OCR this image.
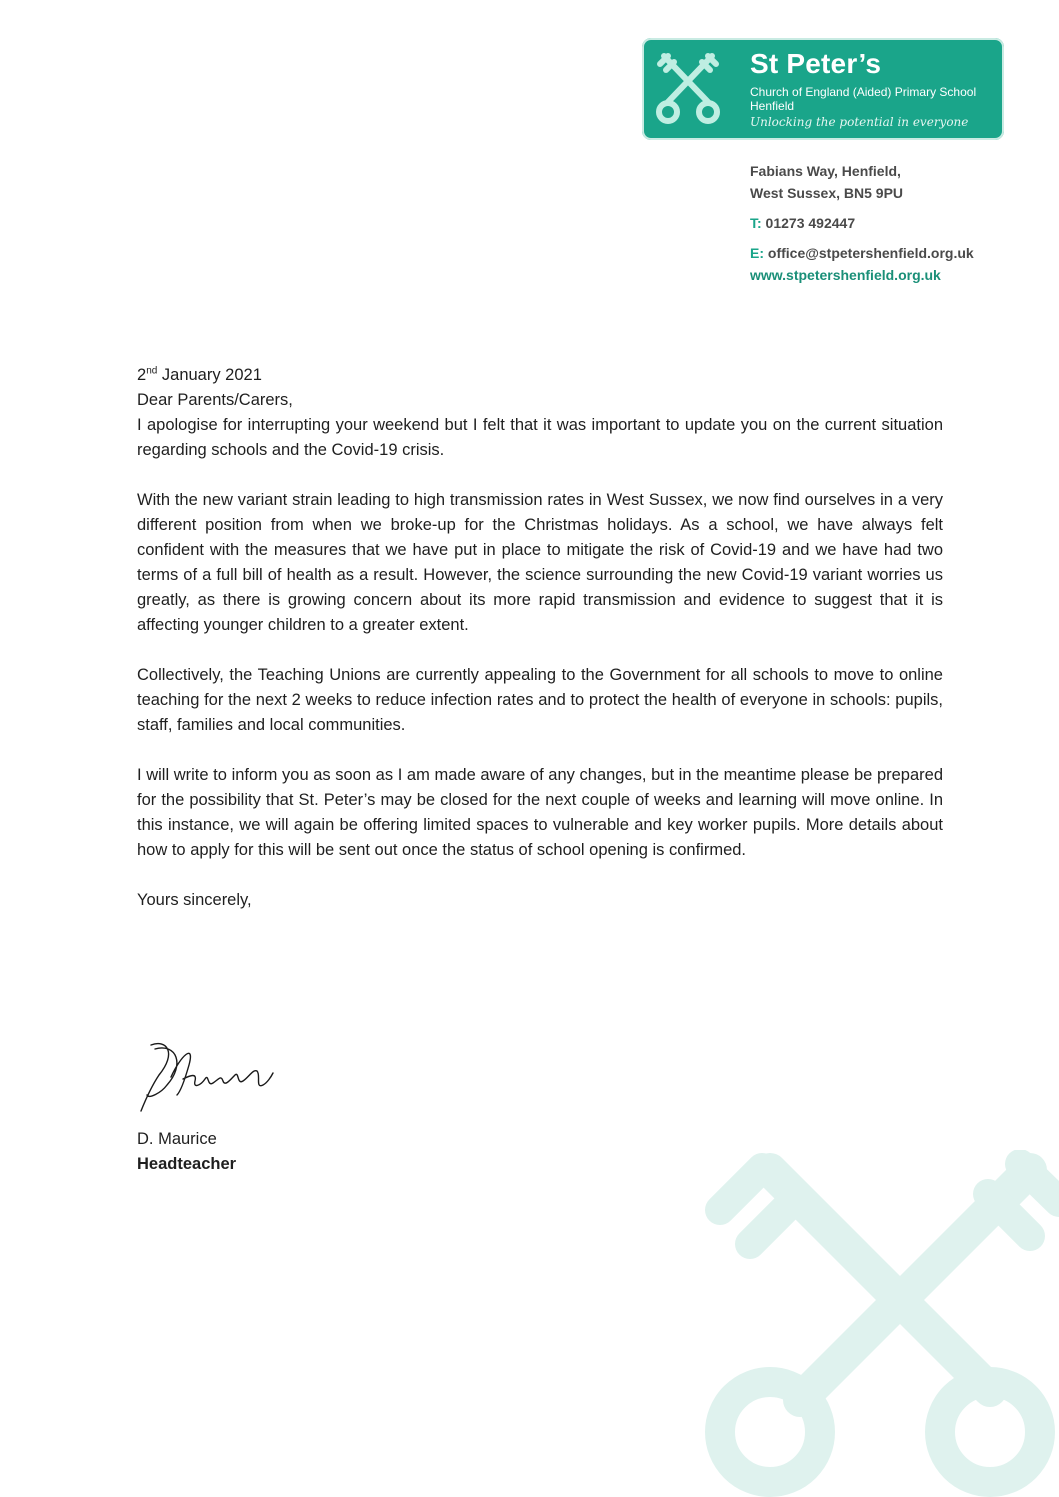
St Peter’s
Church of England (Aided) Primary School
Henfield
Unlocking the potential in everyone
Fabians Way, Henfield,
West Sussex, BN5 9PU
T: 01273 492447
E: office@stpetershenfield.org.uk
www.stpetershenfield.org.uk

2nd January 2021

Dear Parents/Carers,

I apologise for interrupting your weekend but I felt that it was important to update you on the current situation regarding schools and the Covid-19 crisis.

With the new variant strain leading to high transmission rates in West Sussex, we now find ourselves in a very different position from when we broke-up for the Christmas holidays. As a school, we have always felt confident with the measures that we have put in place to mitigate the risk of Covid-19 and we have had two terms of a full bill of health as a result. However, the science surrounding the new Covid-19 variant worries us greatly, as there is growing concern about its more rapid transmission and evidence to suggest that it is affecting younger children to a greater extent.

Collectively, the Teaching Unions are currently appealing to the Government for all schools to move to online teaching for the next 2 weeks to reduce infection rates and to protect the health of everyone in schools: pupils, staff, families and local communities.

I will write to inform you as soon as I am made aware of any changes, but in the meantime please be prepared for the possibility that St. Peter’s may be closed for the next couple of weeks and learning will move online. In this instance, we will again be offering limited spaces to vulnerable and key worker pupils. More details about how to apply for this will be sent out once the status of school opening is confirmed.

Yours sincerely,

D. Maurice
Headteacher
